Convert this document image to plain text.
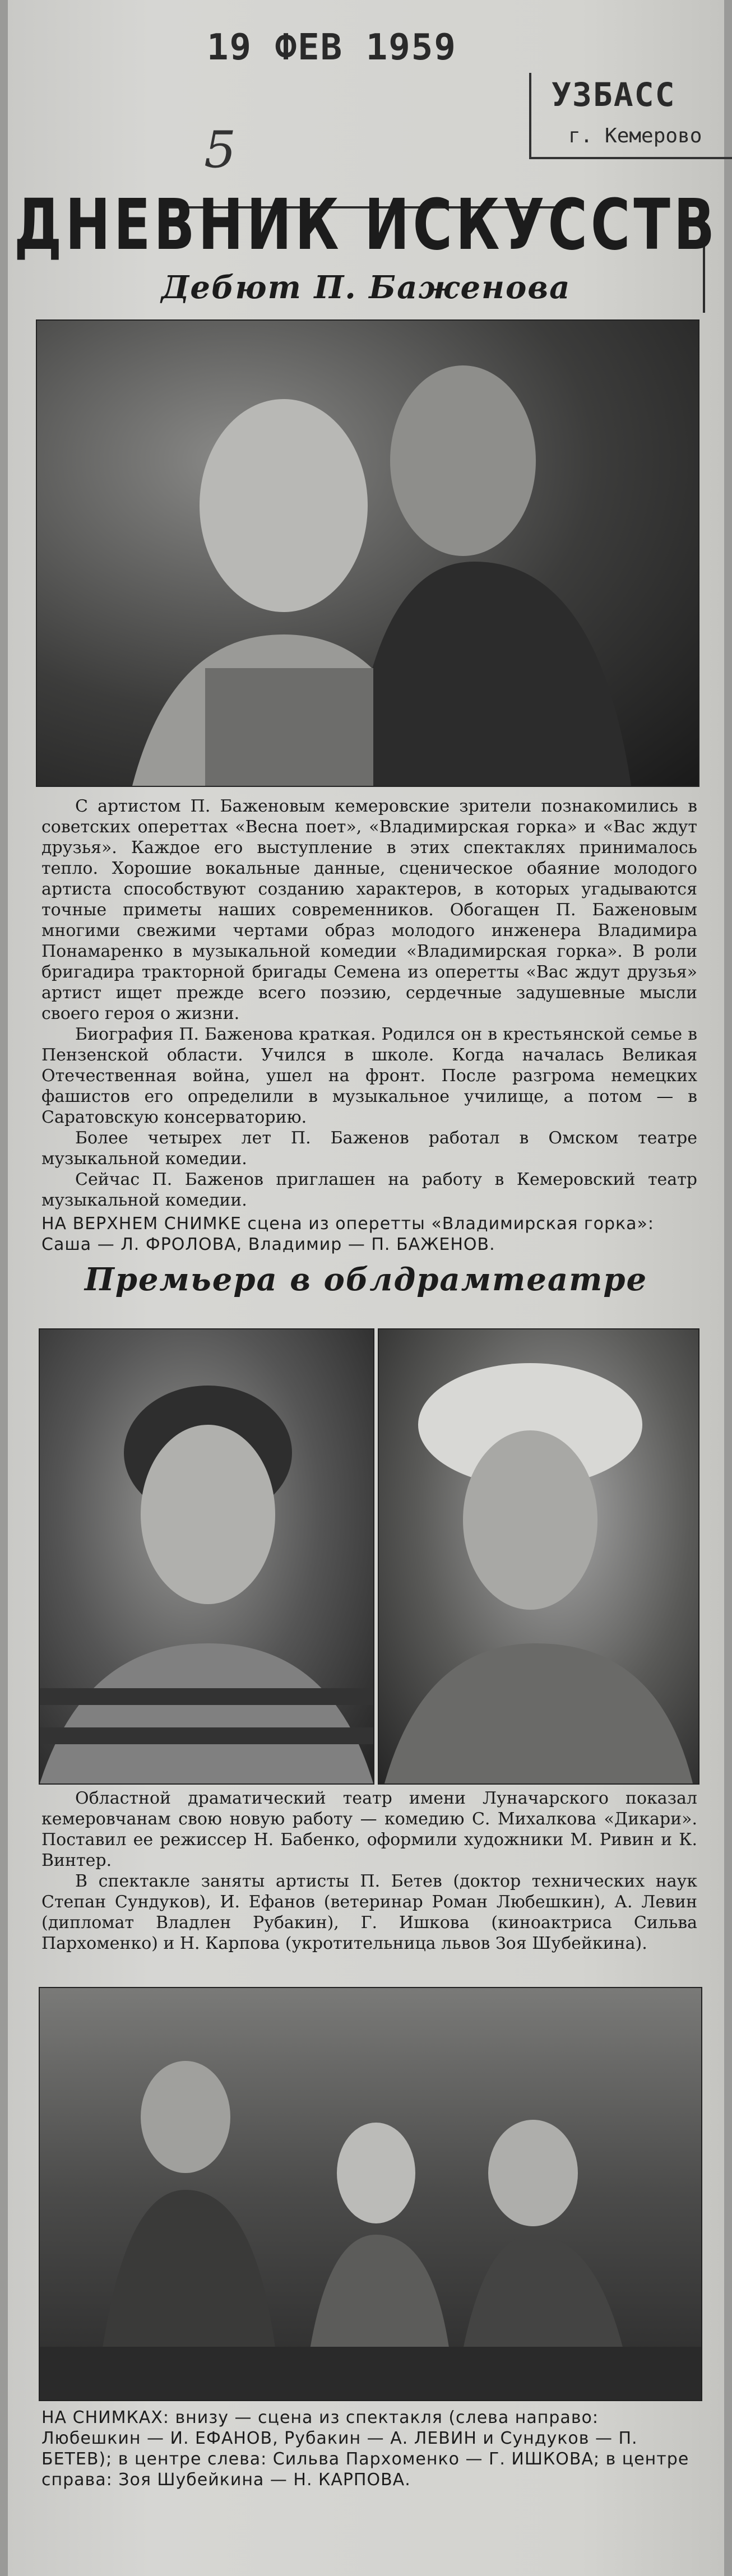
19 ФЕВ 1959
УЗБАСС
г. Кемерово
5
ДНЕВНИК ИСКУССТВ
Дебют П. Баженова

С артистом П. Баженовым кемеровские зрители познакомились в советских опереттах «Весна поет», «Владимирская горка» и «Вас ждут друзья». Каждое его выступление в этих спектаклях принималось тепло. Хорошие вокальные данные, сценическое обаяние молодого артиста способствуют созданию характеров, в которых угадываются точные приметы наших современников. Обогащен П. Баженовым многими свежими чертами образ молодого инженера Владимира Понамаренко в музыкальной комедии «Владимирская горка». В роли бригадира тракторной бригады Семена из оперетты «Вас ждут друзья» артист ищет прежде всего поэзию, сердечные задушевные мысли своего героя о жизни.

Биография П. Баженова краткая. Родился он в крестьянской семье в Пензенской области. Учился в школе. Когда началась Великая Отечественная война, ушел на фронт. После разгрома немецких фашистов его определили в музыкальное училище, а потом — в Саратовскую консерваторию.

Более четырех лет П. Баженов работал в Омском театре музыкальной комедии.

Сейчас П. Баженов приглашен на работу в Кемеровский театр музыкальной комедии.

НА ВЕРХНЕМ СНИМКЕ сцена из оперетты «Владимирская горка»: Саша — Л. ФРОЛОВА, Владимир — П. БАЖЕНОВ.
Премьера в облдрамтеатре

Областной драматический театр имени Луначарского показал кемеровчанам свою новую работу — комедию С. Михалкова «Дикари». Поставил ее режиссер Н. Бабенко, оформили художники М. Ривин и К. Винтер.

В спектакле заняты артисты П. Бетев (доктор технических наук Степан Сундуков), И. Ефанов (ветеринар Роман Любешкин), А. Левин (дипломат Владлен Рубакин), Г. Ишкова (киноактриса Сильва Пархоменко) и Н. Карпова (укротительница львов Зоя Шубейкина).

НА СНИМКАХ: внизу — сцена из спектакля (слева направо: Любешкин — И. ЕФАНОВ, Рубакин — А. ЛЕВИН и Сундуков — П. БЕТЕВ); в центре слева: Сильва Пархоменко — Г. ИШКОВА; в центре справа: Зоя Шубейкина — Н. КАРПОВА.
